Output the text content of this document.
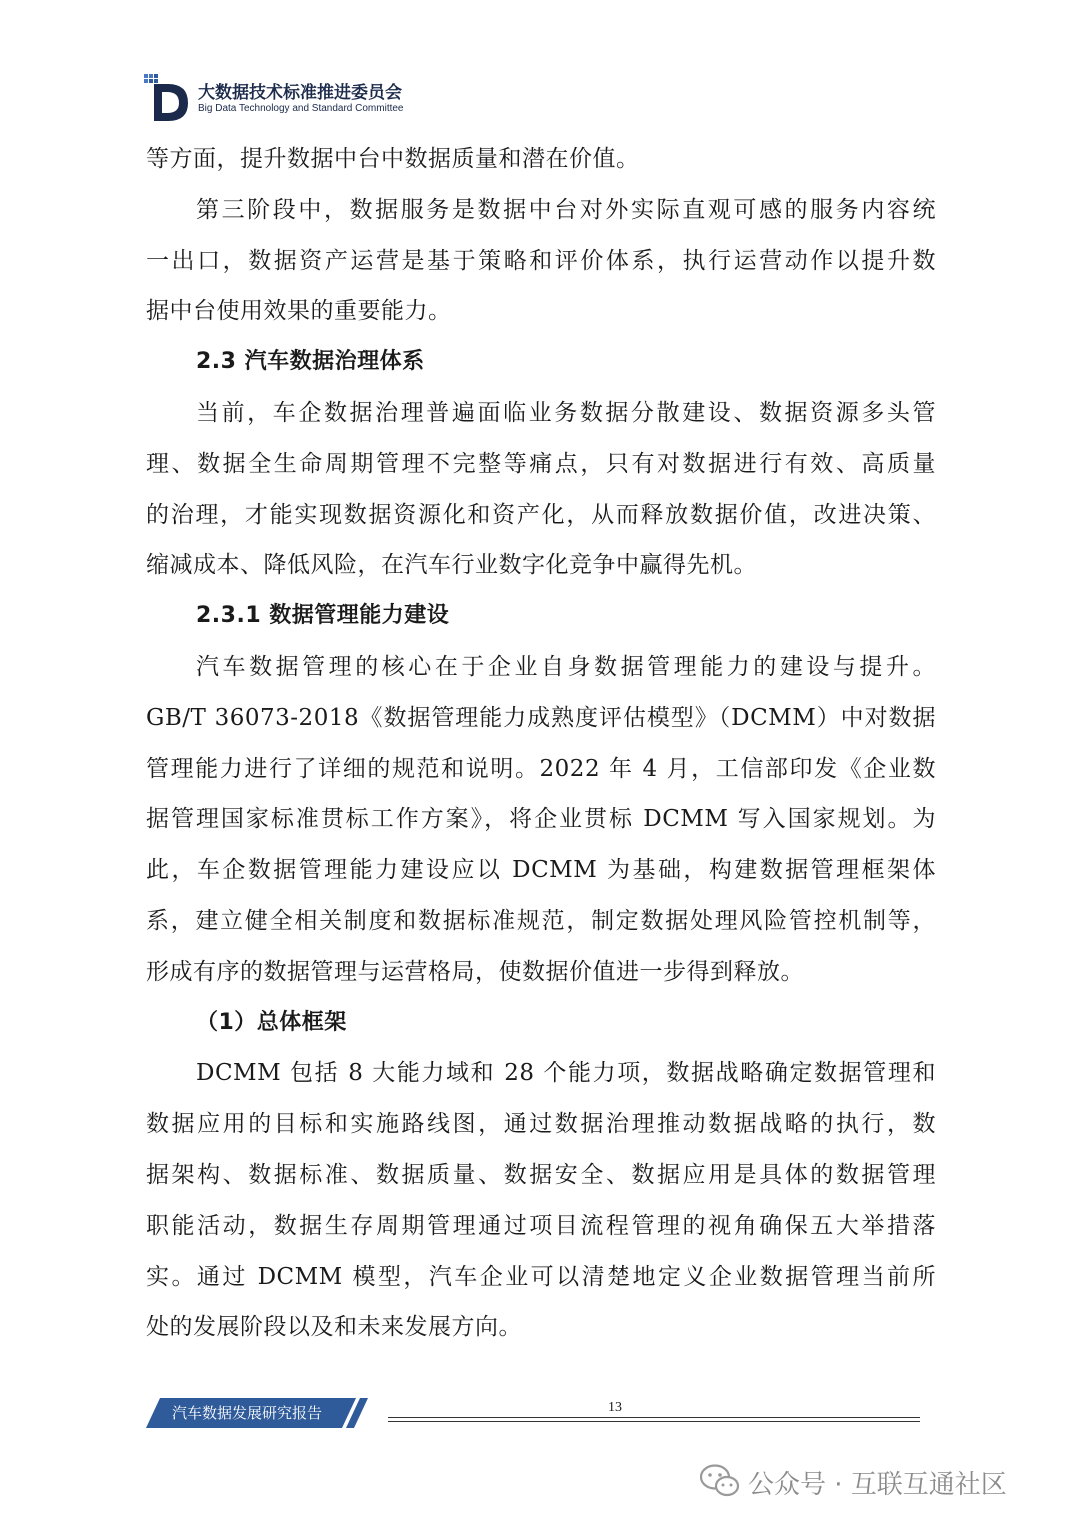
大数据技术标准推进委员会
Big Data Technology and Standard Committee
等方面，提升数据中台中数据质量和潜在价值。
第三阶段中，数据服务是数据中台对外实际直观可感的服务内容统
一出口，数据资产运营是基于策略和评价体系，执行运营动作以提升数
据中台使用效果的重要能力。
2.3 汽车数据治理体系
当前，车企数据治理普遍面临业务数据分散建设、数据资源多头管
理、数据全生命周期管理不完整等痛点，只有对数据进行有效、高质量
的治理，才能实现数据资源化和资产化，从而释放数据价值，改进决策、
缩减成本、降低风险，在汽车行业数字化竞争中赢得先机。
2.3.1 数据管理能力建设
汽车数据管理的核心在于企业自身数据管理能力的建设与提升。
GB/T 36073-2018《数据管理能力成熟度评估模型》（DCMM）中对数据
管理能力进行了详细的规范和说明。2022 年 4 月，工信部印发《企业数
据管理国家标准贯标工作方案》，将企业贯标 DCMM 写入国家规划。为
此，车企数据管理能力建设应以 DCMM 为基础，构建数据管理框架体
系，建立健全相关制度和数据标准规范，制定数据处理风险管控机制等，
形成有序的数据管理与运营格局，使数据价值进一步得到释放。
（1）总体框架
DCMM 包括 8 大能力域和 28 个能力项，数据战略确定数据管理和
数据应用的目标和实施路线图，通过数据治理推动数据战略的执行，数
据架构、数据标准、数据质量、数据安全、数据应用是具体的数据管理
职能活动，数据生存周期管理通过项目流程管理的视角确保五大举措落
实。通过 DCMM 模型，汽车企业可以清楚地定义企业数据管理当前所
处的发展阶段以及和未来发展方向。
汽车数据发展研究报告	13
公众号 · 互联互通社区
